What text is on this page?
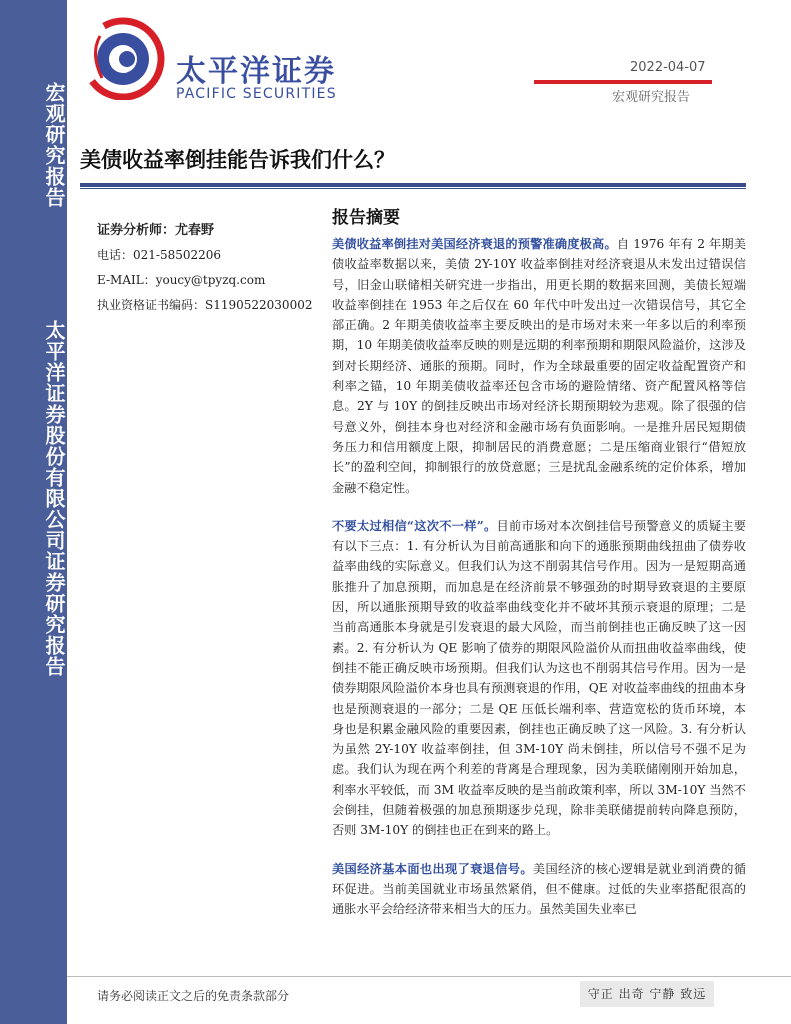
宏观研究报告
太平洋证券股份有限公司证券研究报告
太平洋证券
PACIFIC SECURITIES
2022-04-07
宏观研究报告
美债收益率倒挂能告诉我们什么？
证券分析师：尤春野
电话：021-58502206
E-MAIL：youcy@tpyzq.com
执业资格证书编码：S1190522030002
报告摘要

美债收益率倒挂对美国经济衰退的预警准确度极高。自 1976 年有 2 年期美债收益率数据以来，美债 2Y-10Y 收益率倒挂对经济衰退从未发出过错误信号，旧金山联储相关研究进一步指出，用更长期的数据来回测，美债长短端收益率倒挂在 1953 年之后仅在 60 年代中叶发出过一次错误信号，其它全部正确。2 年期美债收益率主要反映出的是市场对未来一年多以后的利率预期，10 年期美债收益率反映的则是远期的利率预期和期限风险溢价，这涉及到对长期经济、通胀的预期。同时，作为全球最重要的固定收益配置资产和利率之锚，10 年期美债收益率还包含市场的避险情绪、资产配置风格等信息。2Y 与 10Y 的倒挂反映出市场对经济长期预期较为悲观。除了很强的信号意义外，倒挂本身也对经济和金融市场有负面影响。一是推升居民短期债务压力和信用额度上限，抑制居民的消费意愿；二是压缩商业银行“借短放长”的盈利空间，抑制银行的放贷意愿；三是扰乱金融系统的定价体系，增加金融不稳定性。

不要太过相信“这次不一样”。目前市场对本次倒挂信号预警意义的质疑主要有以下三点：1. 有分析认为目前高通胀和向下的通胀预期曲线扭曲了债券收益率曲线的实际意义。但我们认为这不削弱其信号作用。因为一是短期高通胀推升了加息预期，而加息是在经济前景不够强劲的时期导致衰退的主要原因，所以通胀预期导致的收益率曲线变化并不破坏其预示衰退的原理；二是当前高通胀本身就是引发衰退的最大风险，而当前倒挂也正确反映了这一因素。2. 有分析认为 QE 影响了债券的期限风险溢价从而扭曲收益率曲线，使倒挂不能正确反映市场预期。但我们认为这也不削弱其信号作用。因为一是债券期限风险溢价本身也具有预测衰退的作用，QE 对收益率曲线的扭曲本身也是预测衰退的一部分；二是 QE 压低长端利率、营造宽松的货币环境，本身也是积累金融风险的重要因素，倒挂也正确反映了这一风险。3. 有分析认为虽然 2Y-10Y 收益率倒挂，但 3M-10Y 尚未倒挂，所以信号不强不足为虑。我们认为现在两个利差的背离是合理现象，因为美联储刚刚开始加息，利率水平较低，而 3M 收益率反映的是当前政策利率，所以 3M-10Y 当然不会倒挂，但随着极强的加息预期逐步兑现，除非美联储提前转向降息预防，否则 3M-10Y 的倒挂也正在到来的路上。

美国经济基本面也出现了衰退信号。美国经济的核心逻辑是就业到消费的循环促进。当前美国就业市场虽然紧俏，但不健康。过低的失业率搭配很高的通胀水平会给经济带来相当大的压力。虽然美国失业率已

请务必阅读正文之后的免责条款部分	守正 出奇 宁静 致远
